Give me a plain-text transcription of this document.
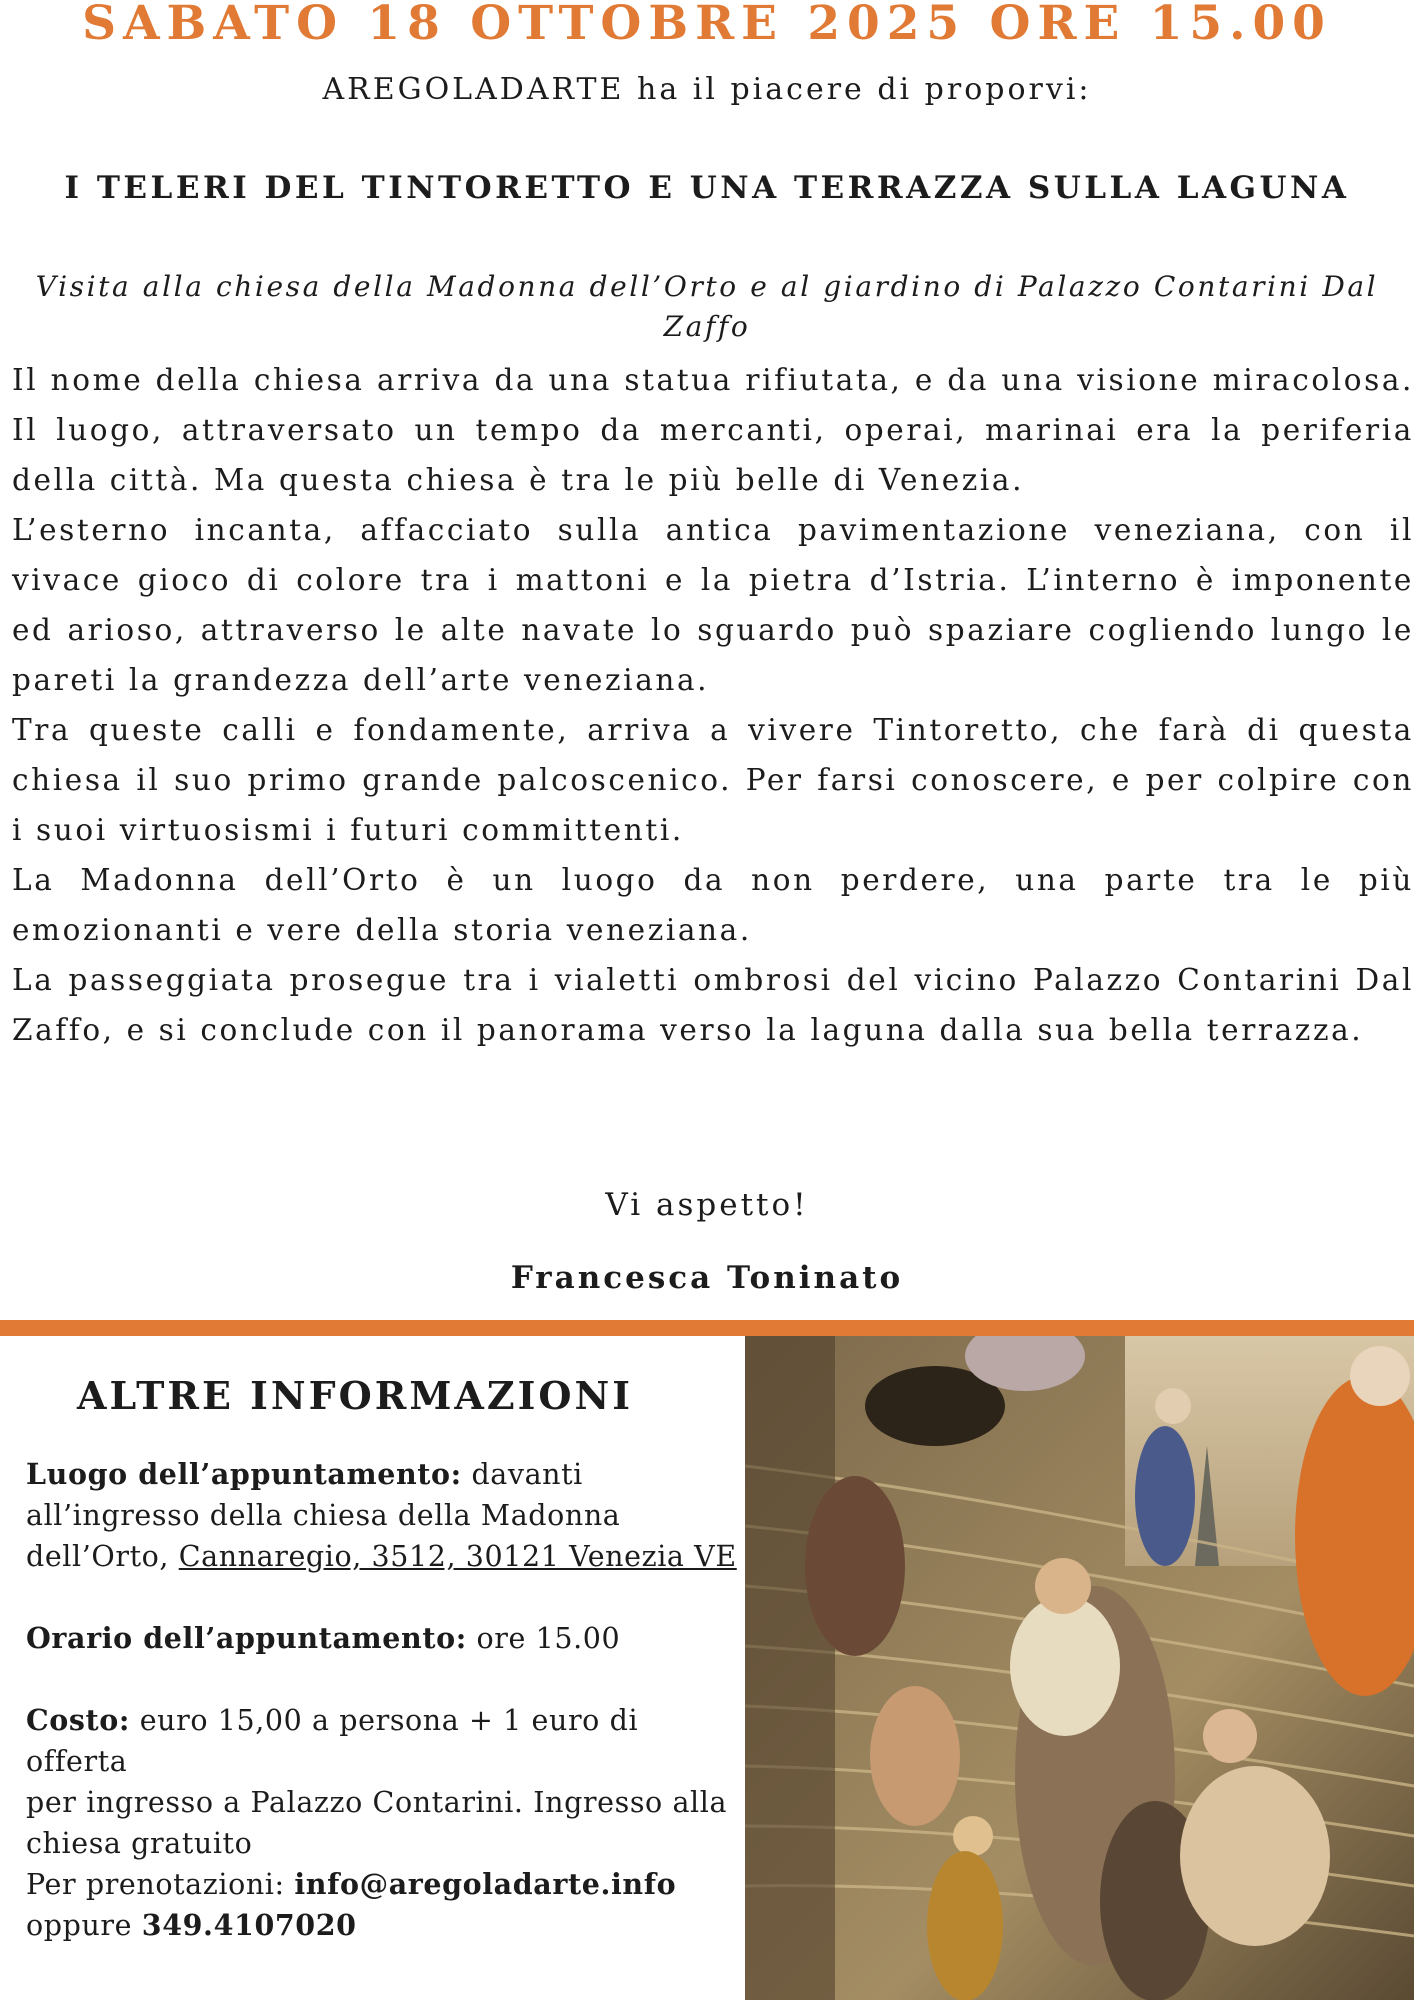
SABATO 18 OTTOBRE 2025 ORE 15.00
AREGOLADARTE ha il piacere di proporvi:
I TELERI DEL TINTORETTO E UNA TERRAZZA SULLA LAGUNA
Visita alla chiesa della Madonna dell’Orto e al giardino di Palazzo Contarini Dal Zaffo

Il nome della chiesa arriva da una statua rifiutata, e da una visione miracolosa. Il luogo, attraversato un tempo da mercanti, operai, marinai era la periferia della città. Ma questa chiesa è tra le più belle di Venezia.

L’esterno incanta, affacciato sulla antica pavimentazione veneziana, con il vivace gioco di colore tra i mattoni e la pietra d’Istria. L’interno è imponente ed arioso, attraverso le alte navate lo sguardo può spaziare cogliendo lungo le pareti la grandezza dell’arte veneziana.

Tra queste calli e fondamente, arriva a vivere Tintoretto, che farà di questa chiesa il suo primo grande palcoscenico. Per farsi conoscere, e per colpire con i suoi virtuosismi i futuri committenti.

La Madonna dell’Orto è un luogo da non perdere, una parte tra le più emozionanti e vere della storia veneziana.

La passeggiata prosegue tra i vialetti ombrosi del vicino Palazzo Contarini Dal Zaffo, e si conclude con il panorama verso la laguna dalla sua bella terrazza.

Vi aspetto!
Francesca Toninato
ALTRE INFORMAZIONI
Luogo dell’appuntamento: davanti
all’ingresso della chiesa della Madonna
dell’Orto, Cannaregio, 3512, 30121 Venezia VE
Orario dell’appuntamento: ore 15.00
Costo: euro 15,00 a persona + 1 euro di offerta
per ingresso a Palazzo Contarini. Ingresso alla
chiesa gratuito
Per prenotazioni: info@aregoladarte.info
oppure 349.4107020
